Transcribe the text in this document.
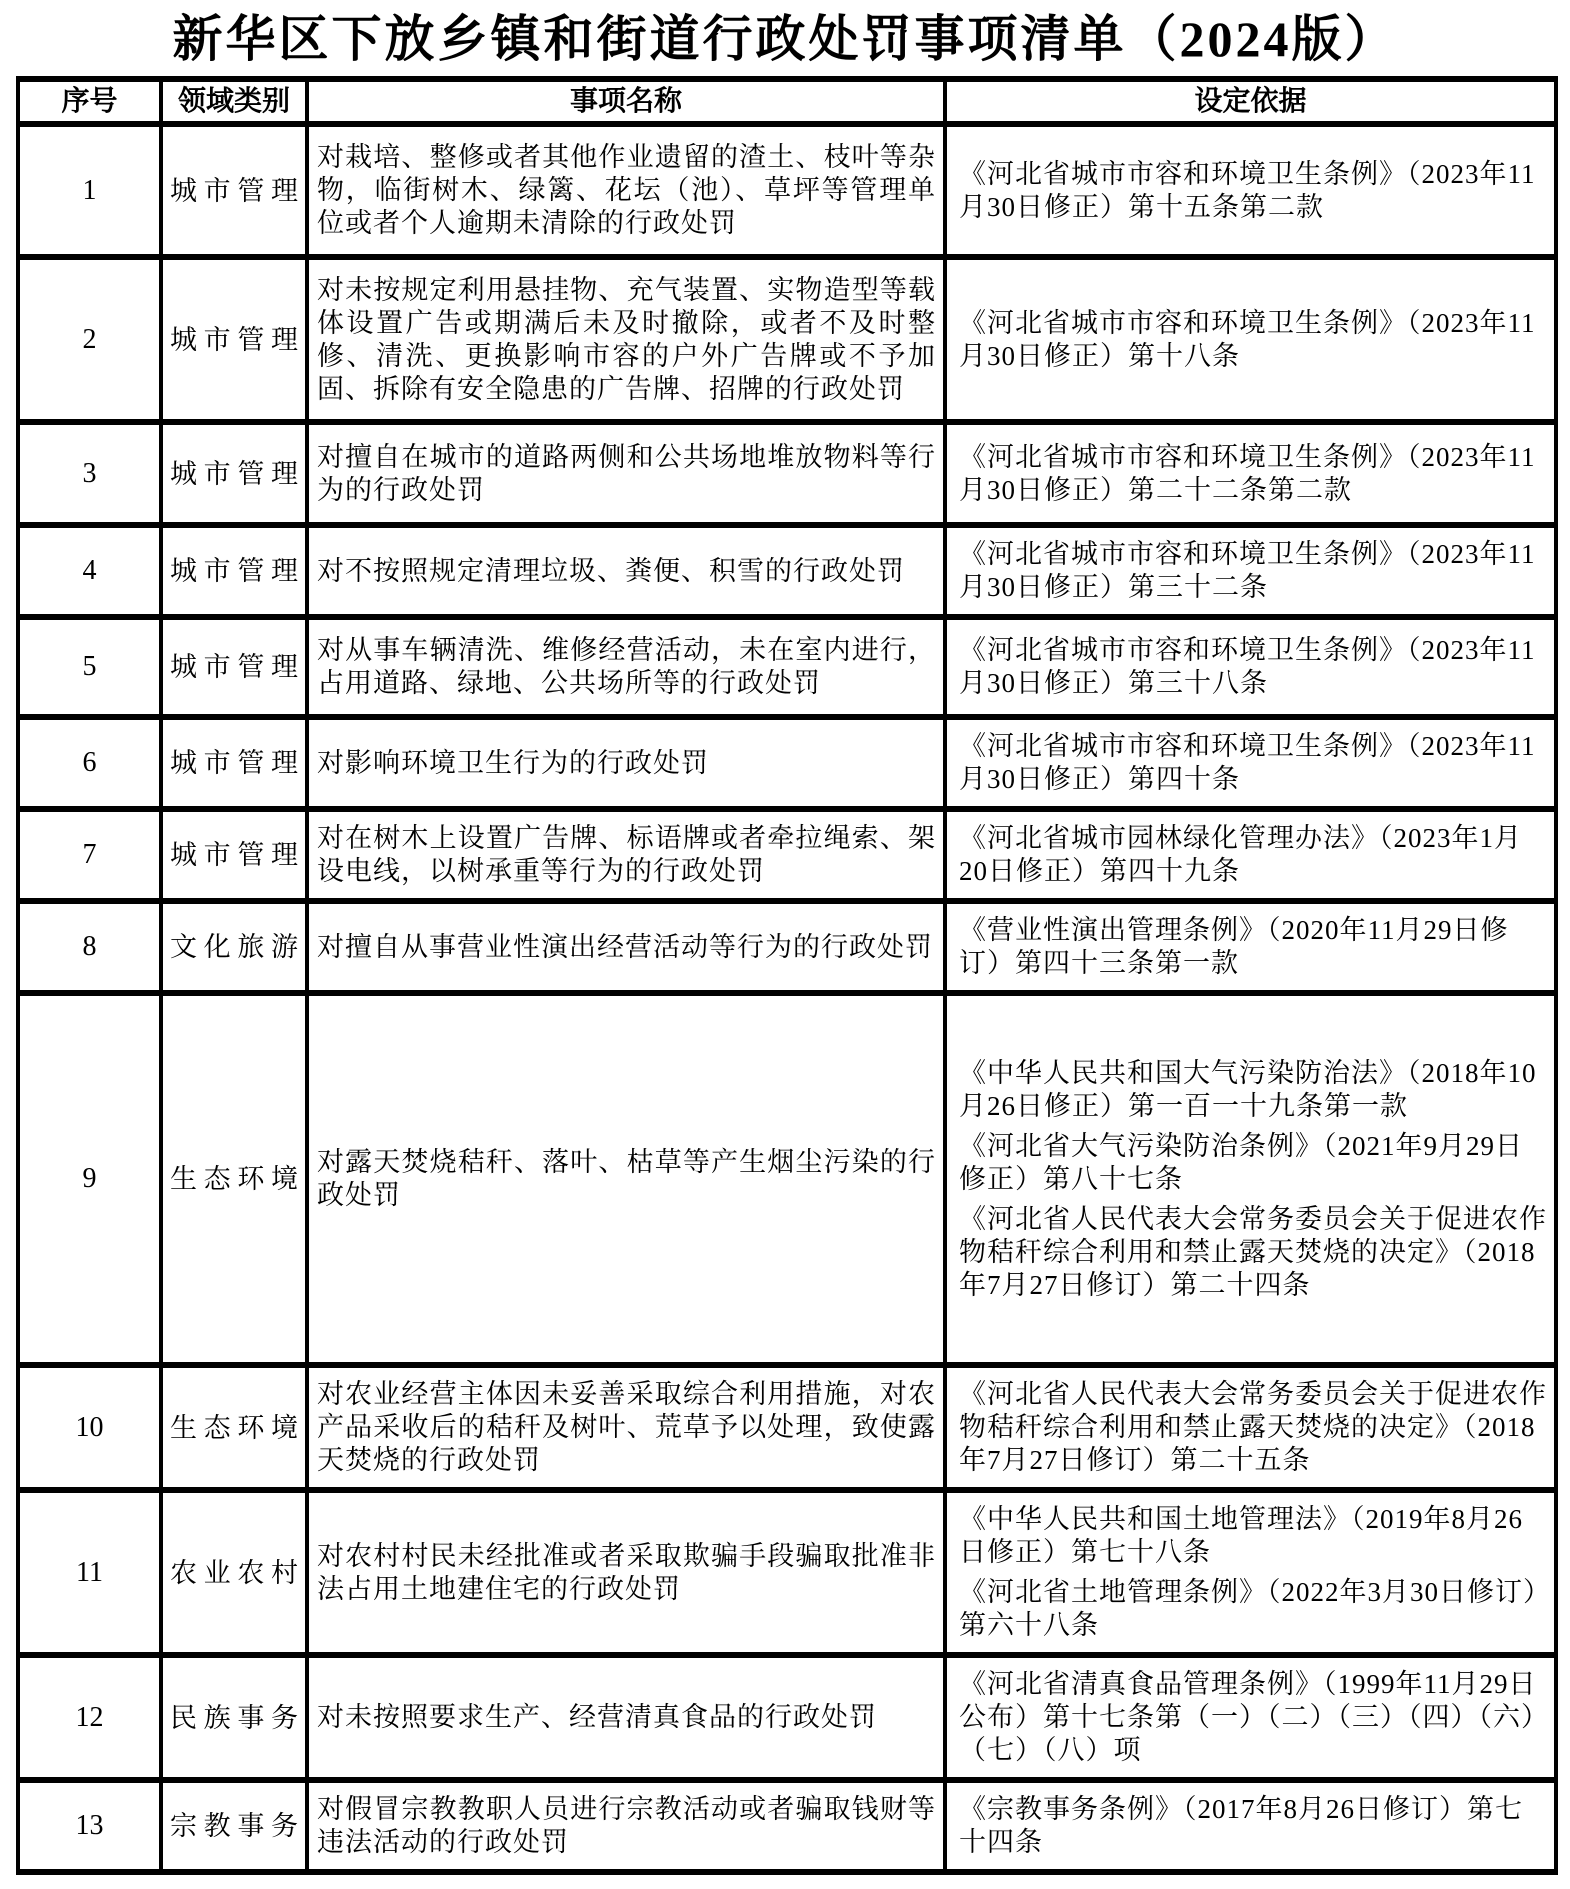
新华区下放乡镇和街道行政处罚事项清单（2024版）
序号	领域类别	事项名称	设定依据
1	城市管理	对栽培、整修或者其他作业遗留的渣土、枝叶等杂物，临街树木、绿篱、花坛（池）、草坪等管理单位或者个人逾期未清除的行政处罚	《河北省城市市容和环境卫生条例》（2023年11月30日修正）第十五条第二款

2	城市管理	对未按规定利用悬挂物、充气装置、实物造型等载体设置广告或期满后未及时撤除，或者不及时整修、清洗、更换影响市容的户外广告牌或不予加固、拆除有安全隐患的广告牌、招牌的行政处罚	《河北省城市市容和环境卫生条例》（2023年11月30日修正）第十八条

3	城市管理	对擅自在城市的道路两侧和公共场地堆放物料等行为的行政处罚	《河北省城市市容和环境卫生条例》（2023年11月30日修正）第二十二条第二款

4	城市管理	对不按照规定清理垃圾、粪便、积雪的行政处罚	《河北省城市市容和环境卫生条例》（2023年11月30日修正）第三十二条

5	城市管理	对从事车辆清洗、维修经营活动，未在室内进行，占用道路、绿地、公共场所等的行政处罚	《河北省城市市容和环境卫生条例》（2023年11月30日修正）第三十八条

6	城市管理	对影响环境卫生行为的行政处罚	《河北省城市市容和环境卫生条例》（2023年11月30日修正）第四十条

7	城市管理	对在树木上设置广告牌、标语牌或者牵拉绳索、架设电线，以树承重等行为的行政处罚	《河北省城市园林绿化管理办法》（2023年1月20日修正）第四十九条

8	文化旅游	对擅自从事营业性演出经营活动等行为的行政处罚	《营业性演出管理条例》（2020年11月29日修订）第四十三条第一款

9	生态环境	对露天焚烧秸秆、落叶、枯草等产生烟尘污染的行政处罚	《中华人民共和国大气污染防治法》（2018年10月26日修正）第一百一十九条第一款

《河北省大气污染防治条例》（2021年9月29日修正）第八十七条

《河北省人民代表大会常务委员会关于促进农作物秸秆综合利用和禁止露天焚烧的决定》（2018年7月27日修订）第二十四条

10	生态环境	对农业经营主体因未妥善采取综合利用措施，对农产品采收后的秸秆及树叶、荒草予以处理，致使露天焚烧的行政处罚	《河北省人民代表大会常务委员会关于促进农作物秸秆综合利用和禁止露天焚烧的决定》（2018年7月27日修订）第二十五条

11	农业农村	对农村村民未经批准或者采取欺骗手段骗取批准非法占用土地建住宅的行政处罚	《中华人民共和国土地管理法》（2019年8月26日修正）第七十八条

《河北省土地管理条例》（2022年3月30日修订）第六十八条

12	民族事务	对未按照要求生产、经营清真食品的行政处罚	《河北省清真食品管理条例》（1999年11月29日公布）第十七条第（一）（二）（三）（四）（六）（七）（八）项

13	宗教事务	对假冒宗教教职人员进行宗教活动或者骗取钱财等违法活动的行政处罚	《宗教事务条例》（2017年8月26日修订）第七十四条
